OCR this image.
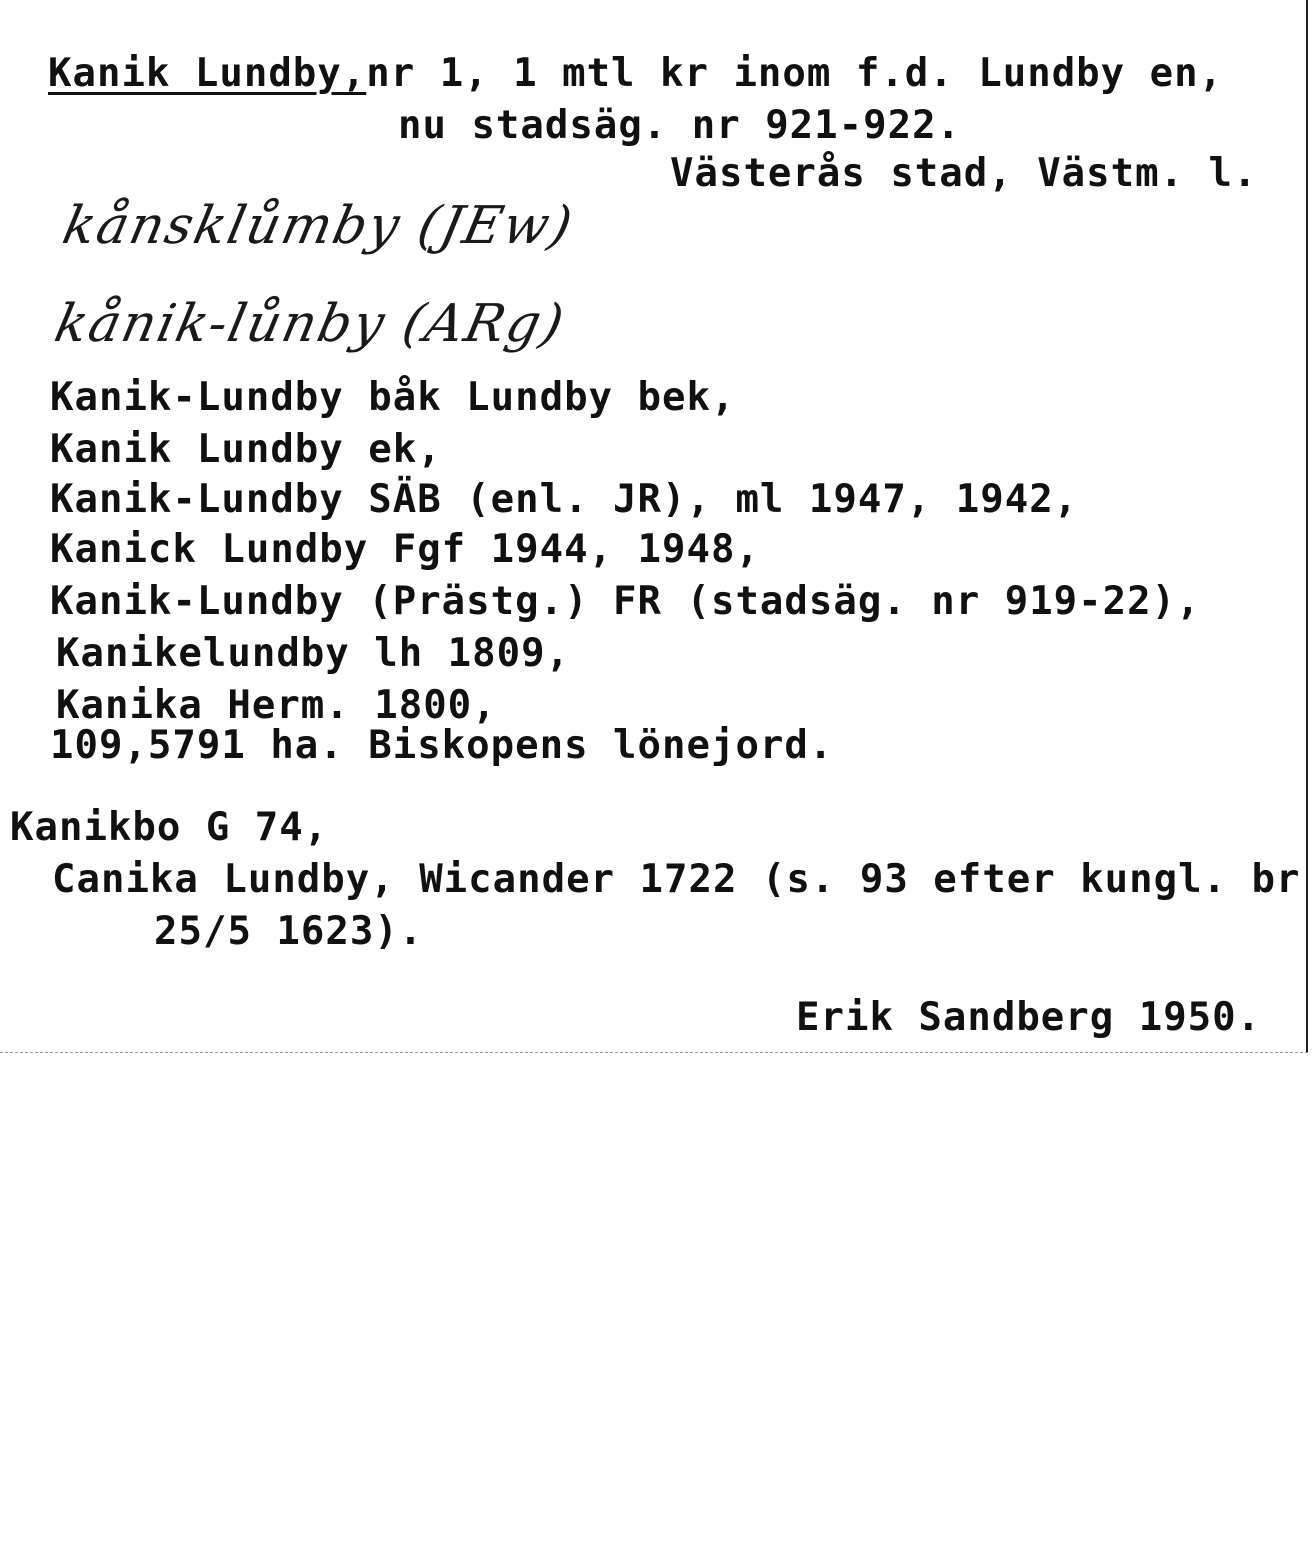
Kanik Lundby,nr 1, 1 mtl kr inom f.d. Lundby en,
nu stadsäg. nr 921-922.
Västerås stad, Västm. l.
kånsklůmby (JEw)
kånik-lůnby (ARg)
Kanik-Lundby båk Lundby bek,
Kanik Lundby ek,
Kanik-Lundby SÄB (enl. JR), ml 1947, 1942,
Kanick Lundby Fgf 1944, 1948,
Kanik-Lundby (Prästg.) FR (stadsäg. nr 919-22),
Kanikelundby lh 1809,
Kanika Herm. 1800,
109,5791 ha. Biskopens lönejord.
Kanikbo G 74,
Canika Lundby, Wicander 1722 (s. 93 efter kungl. br
25/5 1623).
Erik Sandberg 1950.
